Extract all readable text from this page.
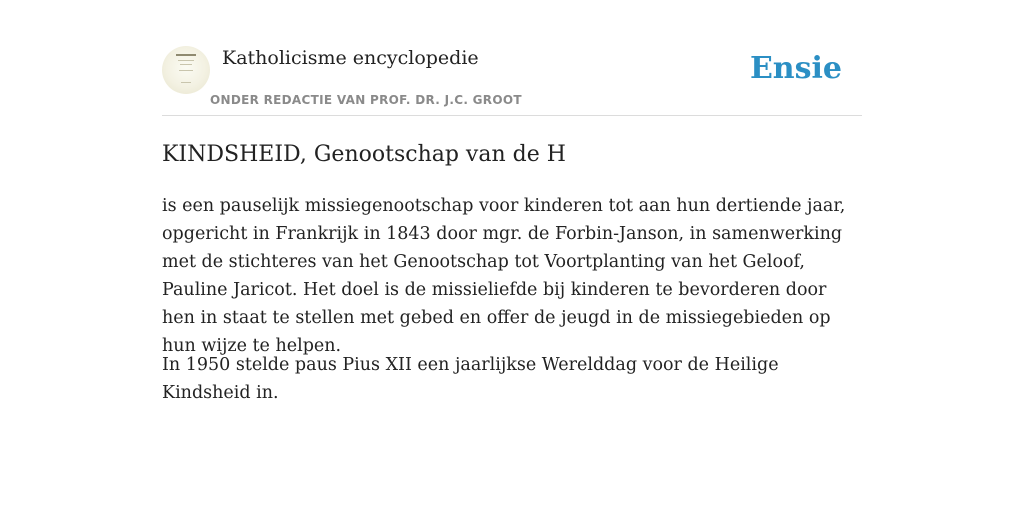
Katholicisme encyclopedie
ONDER REDACTIE VAN PROF. DR. J.C. GROOT
Ensie
KINDSHEID, Genootschap van de H

is een pauselijk missiegenootschap voor kinderen tot aan hun dertiende jaar, opgericht in Frankrijk in 1843 door mgr. de Forbin-Janson, in samenwerking met de stichteres van het Genootschap tot Voortplanting van het Geloof, Pauline Jaricot. Het doel is de missieliefde bij kinderen te bevorderen door hen in staat te stellen met gebed en offer de jeugd in de missiegebieden op hun wijze te helpen.

In 1950 stelde paus Pius XII een jaarlijkse Werelddag voor de Heilige Kindsheid in.
